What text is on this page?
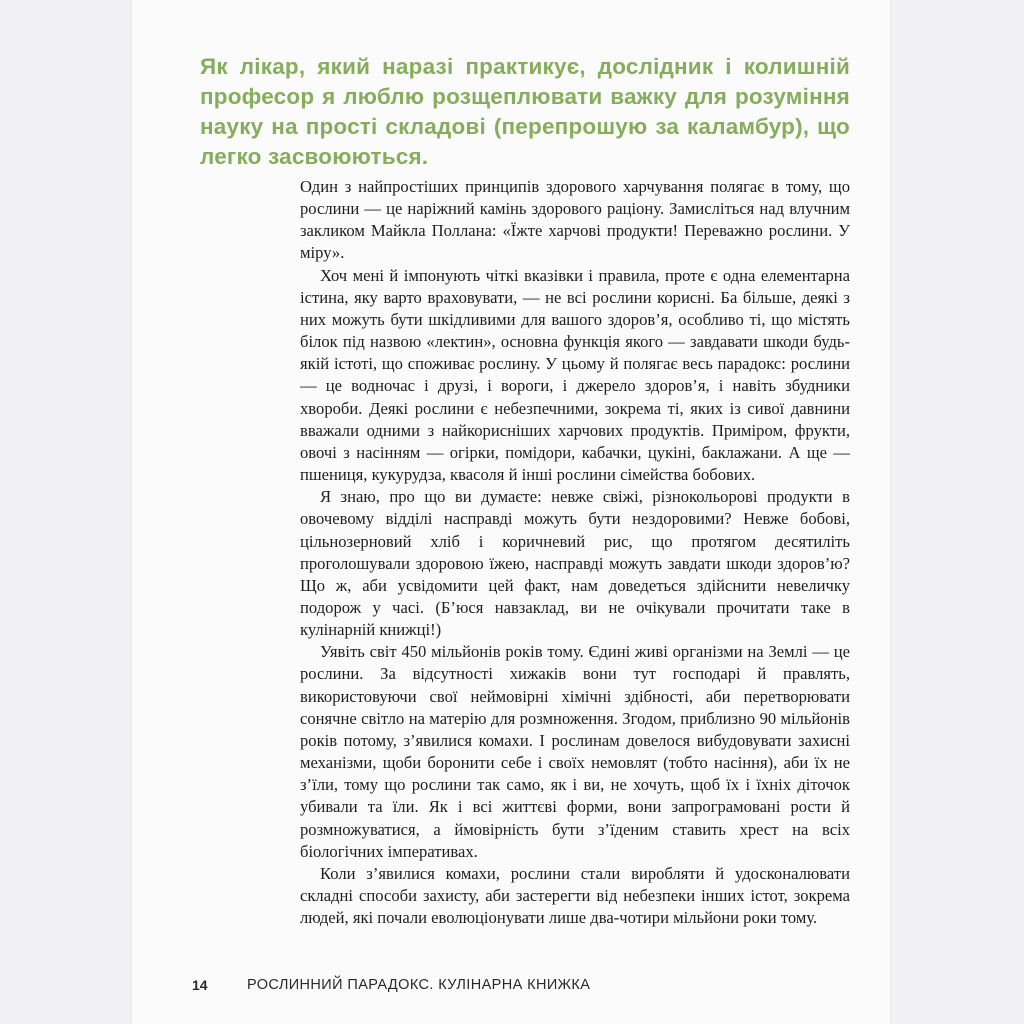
Як лікар, який наразі практикує, дослідник і колишній професор я люблю розщеплювати важку для розуміння науку на прості складові (перепрошую за каламбур), що легко засвоюються.

Один з найпростіших принципів здорового харчування полягає в тому, що рослини — це наріжний камінь здорового раціону. Замисліться над влучним закликом Майкла Поллана: «Їжте харчові продукти! Переважно рослини. У міру».

Хоч мені й імпонують чіткі вказівки і правила, проте є одна елементарна істина, яку варто враховувати, — не всі рослини корисні. Ба більше, деякі з них можуть бути шкідливими для вашого здоров’я, особливо ті, що містять білок під назвою «лектин», основна функція якого — завдавати шкоди будь-якій істоті, що споживає рослину. У цьому й полягає весь парадокс: рослини — це водночас і друзі, і вороги, і джерело здоров’я, і навіть збудники хвороби. Деякі рослини є небезпечними, зокрема ті, яких із сивої давнини вважали одними з найкорисніших харчових продуктів. Приміром, фрукти, овочі з насінням — огірки, помідори, кабачки, цукіні, баклажани. А ще — пшениця, кукурудза, квасоля й інші рослини сімейства бобових.

Я знаю, про що ви думаєте: невже свіжі, різнокольорові продукти в овочевому відділі насправді можуть бути нездоровими? Невже бобові, цільнозерновий хліб і коричневий рис, що протягом десятиліть проголошували здоровою їжею, насправді можуть завдати шкоди здоров’ю? Що ж, аби усвідомити цей факт, нам доведеться здійснити невеличку подорож у часі. (Б’юся навзаклад, ви не очікували прочитати таке в кулінарній книжці!)

Уявіть світ 450 мільйонів років тому. Єдині живі організми на Землі — це рослини. За відсутності хижаків вони тут господарі й правлять, використовуючи свої неймовірні хімічні здібності, аби перетворювати сонячне світло на матерію для розмноження. Згодом, приблизно 90 мільйонів років потому, з’явилися комахи. І рослинам довелося вибудовувати захисні механізми, щоби боронити себе і своїх немовлят (тобто насіння), аби їх не з’їли, тому що рослини так само, як і ви, не хочуть, щоб їх і їхніх діточок убивали та їли. Як і всі життєві форми, вони запрограмовані рости й розмножуватися, а ймовірність бути з’їденим ставить хрест на всіх біологічних імперативах.

Коли з’явилися комахи, рослини стали виробляти й удосконалювати складні способи захисту, аби застерегти від небезпеки інших істот, зокрема людей, які почали еволюціонувати лише два-чотири мільйони роки тому.

14	РОСЛИННИЙ ПАРАДОКС. КУЛІНАРНА КНИЖКА
